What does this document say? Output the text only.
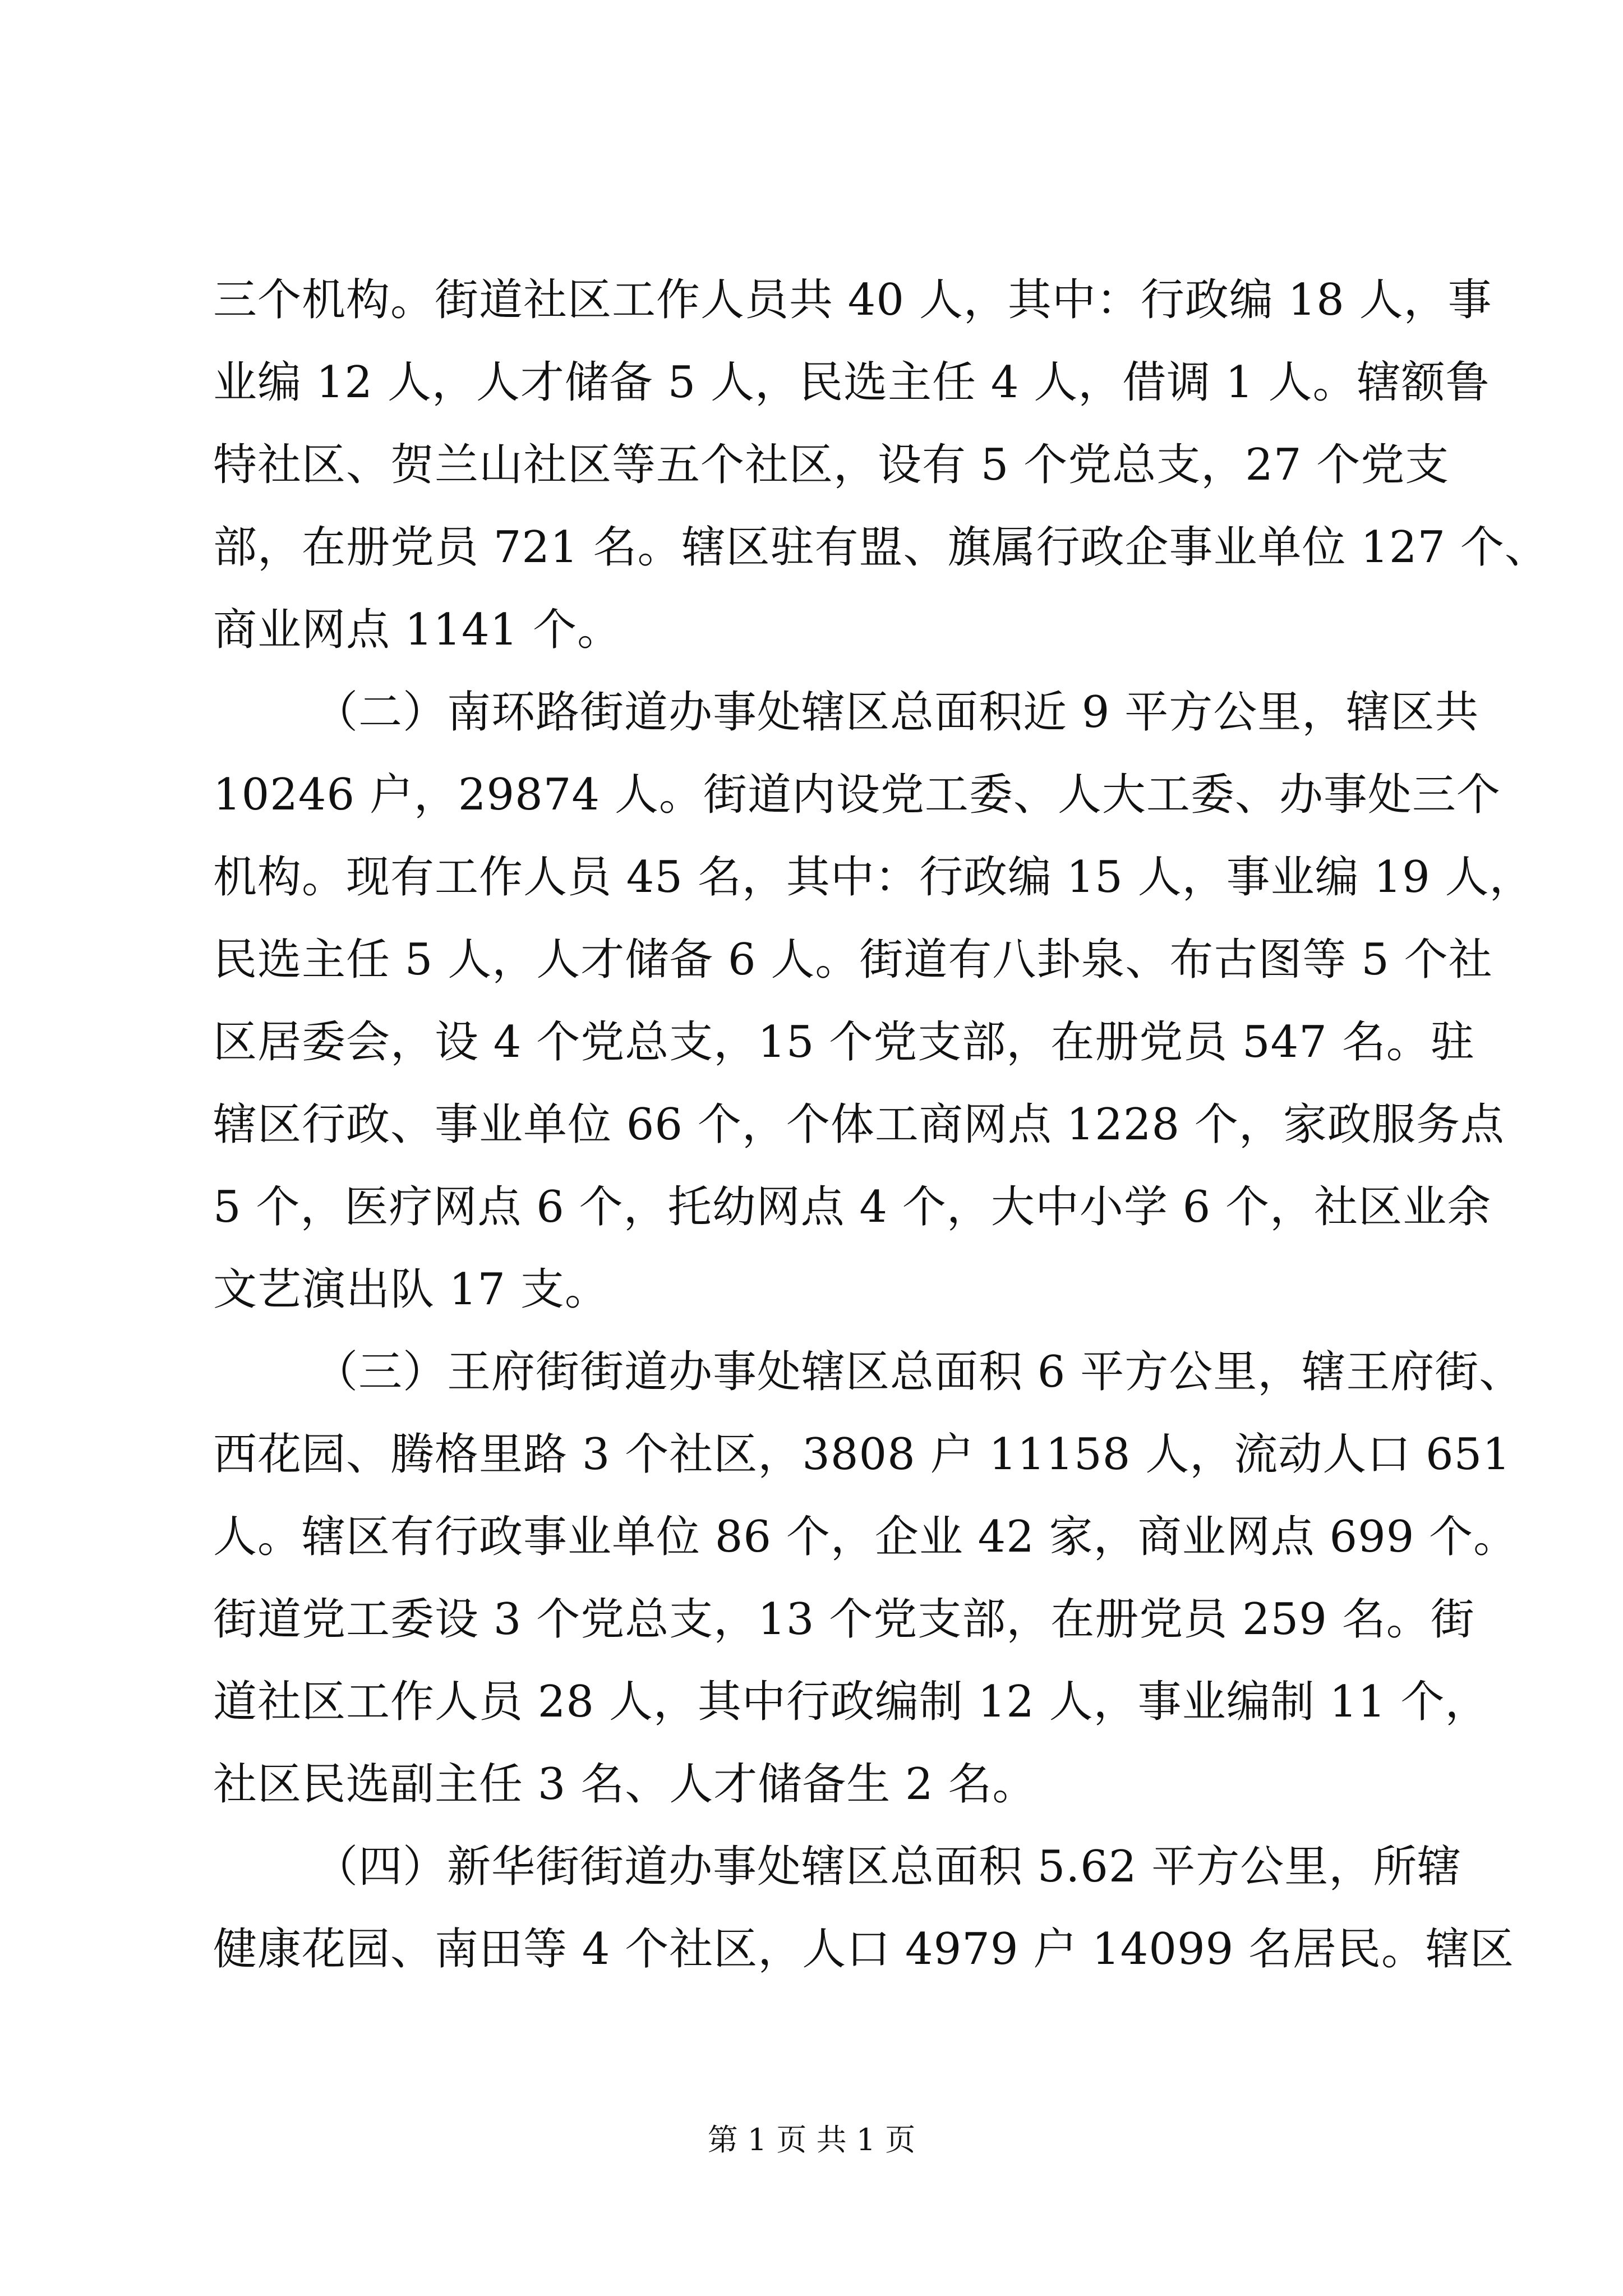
三个机构。街道社区工作人员共 40 人，其中：行政编 18 人，事
业编 12 人，人才储备 5 人，民选主任 4 人，借调 1 人。辖额鲁
特社区、贺兰山社区等五个社区，设有 5 个党总支，27 个党支
部，在册党员 721 名。辖区驻有盟、旗属行政企事业单位 127 个、
商业网点 1141 个。
（二）南环路街道办事处辖区总面积近 9 平方公里，辖区共
10246 户，29874 人。街道内设党工委、人大工委、办事处三个
机构。现有工作人员 45 名，其中：行政编 15 人，事业编 19 人，
民选主任 5 人，人才储备 6 人。街道有八卦泉、布古图等 5 个社
区居委会，设 4 个党总支，15 个党支部，在册党员 547 名。驻
辖区行政、事业单位 66 个，个体工商网点 1228 个，家政服务点
5 个，医疗网点 6 个，托幼网点 4 个，大中小学 6 个，社区业余
文艺演出队 17 支。
（三）王府街街道办事处辖区总面积 6 平方公里，辖王府街、
西花园、腾格里路 3 个社区，3808 户 11158 人，流动人口 651
人。辖区有行政事业单位 86 个，企业 42 家，商业网点 699 个。
街道党工委设 3 个党总支，13 个党支部，在册党员 259 名。街
道社区工作人员 28 人，其中行政编制 12 人，事业编制 11 个，
社区民选副主任 3 名、人才储备生 2 名。
（四）新华街街道办事处辖区总面积 5.62 平方公里，所辖
健康花园、南田等 4 个社区，人口 4979 户 14099 名居民。辖区
第 1 页 共 1 页
